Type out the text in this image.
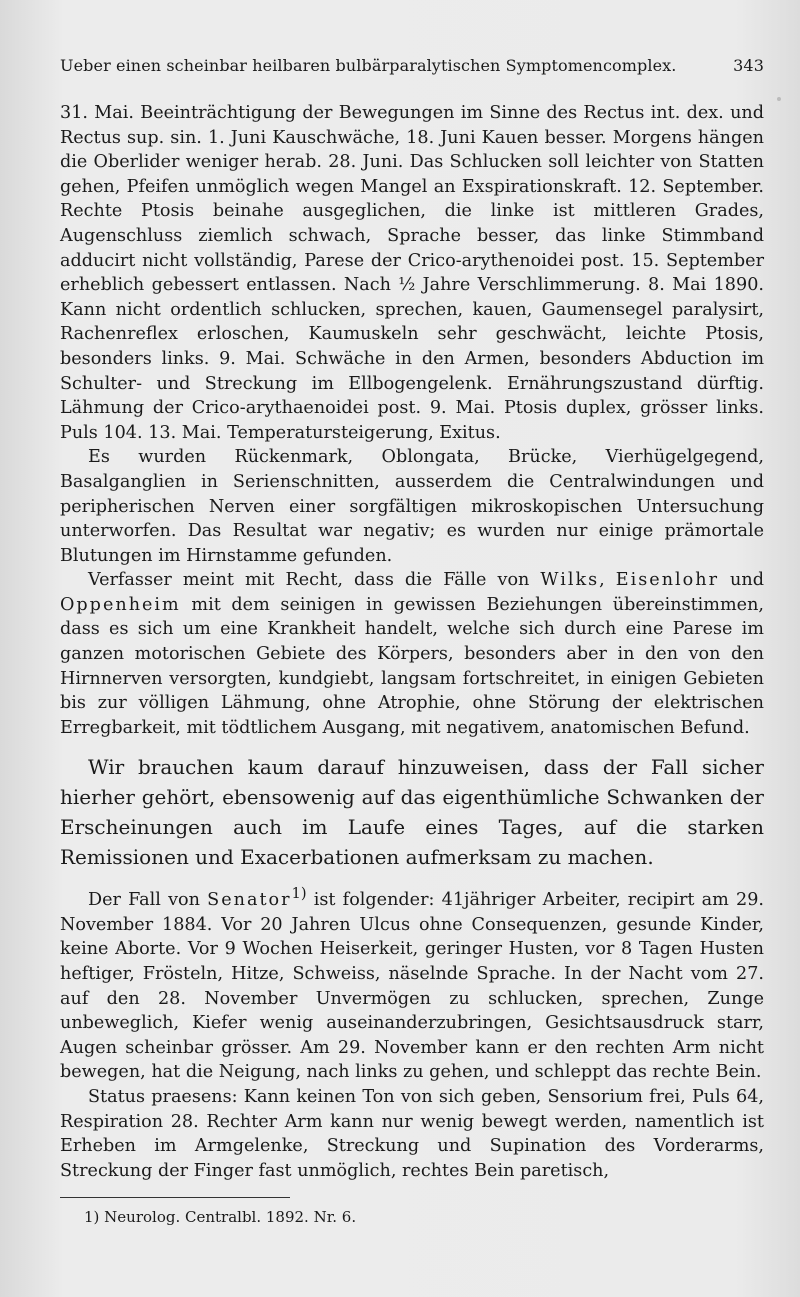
Ueber einen scheinbar heilbaren bulbärparalytischen Symptomencomplex.	343

31. Mai. Beeinträchtigung der Bewegungen im Sinne des Rectus int. dex. und Rectus sup. sin. 1. Juni Kauschwäche, 18. Juni Kauen besser. Morgens hängen die Oberlider weniger herab. 28. Juni. Das Schlucken soll leichter von Statten gehen, Pfeifen unmöglich wegen Mangel an Exspirationskraft. 12. September. Rechte Ptosis beinahe ausgeglichen, die linke ist mittleren Grades, Augenschluss ziemlich schwach, Sprache besser, das linke Stimmband adducirt nicht vollständig, Parese der Crico-arythenoidei post. 15. September erheblich gebessert entlassen. Nach ½ Jahre Verschlimmerung. 8. Mai 1890. Kann nicht ordentlich schlucken, sprechen, kauen, Gaumensegel paralysirt, Rachenreflex erloschen, Kaumuskeln sehr geschwächt, leichte Ptosis, besonders links. 9. Mai. Schwäche in den Armen, besonders Abduction im Schulter- und Streckung im Ellbogengelenk. Ernährungszustand dürftig. Lähmung der Crico-arythaenoidei post. 9. Mai. Ptosis duplex, grösser links. Puls 104. 13. Mai. Temperatursteigerung, Exitus.

Es wurden Rückenmark, Oblongata, Brücke, Vierhügelgegend, Basalganglien in Serienschnitten, ausserdem die Centralwindungen und peripherischen Nerven einer sorgfältigen mikroskopischen Untersuchung unterworfen. Das Resultat war negativ; es wurden nur einige prämortale Blutungen im Hirnstamme gefunden.

Verfasser meint mit Recht, dass die Fälle von Wilks, Eisenlohr und Oppenheim mit dem seinigen in gewissen Beziehungen übereinstimmen, dass es sich um eine Krankheit handelt, welche sich durch eine Parese im ganzen motorischen Gebiete des Körpers, besonders aber in den von den Hirnnerven versorgten, kundgiebt, langsam fortschreitet, in einigen Gebieten bis zur völligen Lähmung, ohne Atrophie, ohne Störung der elektrischen Erregbarkeit, mit tödtlichem Ausgang, mit negativem, anatomischen Befund.

Wir brauchen kaum darauf hinzuweisen, dass der Fall sicher hierher gehört, ebensowenig auf das eigenthümliche Schwanken der Erscheinungen auch im Laufe eines Tages, auf die starken Remissionen und Exacerbationen aufmerksam zu machen.

Der Fall von Senator$^{1)}$ ist folgender: 41jähriger Arbeiter, recipirt am 29. November 1884. Vor 20 Jahren Ulcus ohne Consequenzen, gesunde Kinder, keine Aborte. Vor 9 Wochen Heiserkeit, geringer Husten, vor 8 Tagen Husten heftiger, Frösteln, Hitze, Schweiss, näselnde Sprache. In der Nacht vom 27. auf den 28. November Unvermögen zu schlucken, sprechen, Zunge unbeweglich, Kiefer wenig auseinanderzubringen, Gesichtsausdruck starr, Augen scheinbar grösser. Am 29. November kann er den rechten Arm nicht bewegen, hat die Neigung, nach links zu gehen, und schleppt das rechte Bein.

Status praesens: Kann keinen Ton von sich geben, Sensorium frei, Puls 64, Respiration 28. Rechter Arm kann nur wenig bewegt werden, namentlich ist Erheben im Armgelenke, Streckung und Supination des Vorderarms, Streckung der Finger fast unmöglich, rechtes Bein paretisch,

1) Neurolog. Centralbl. 1892. Nr. 6.
